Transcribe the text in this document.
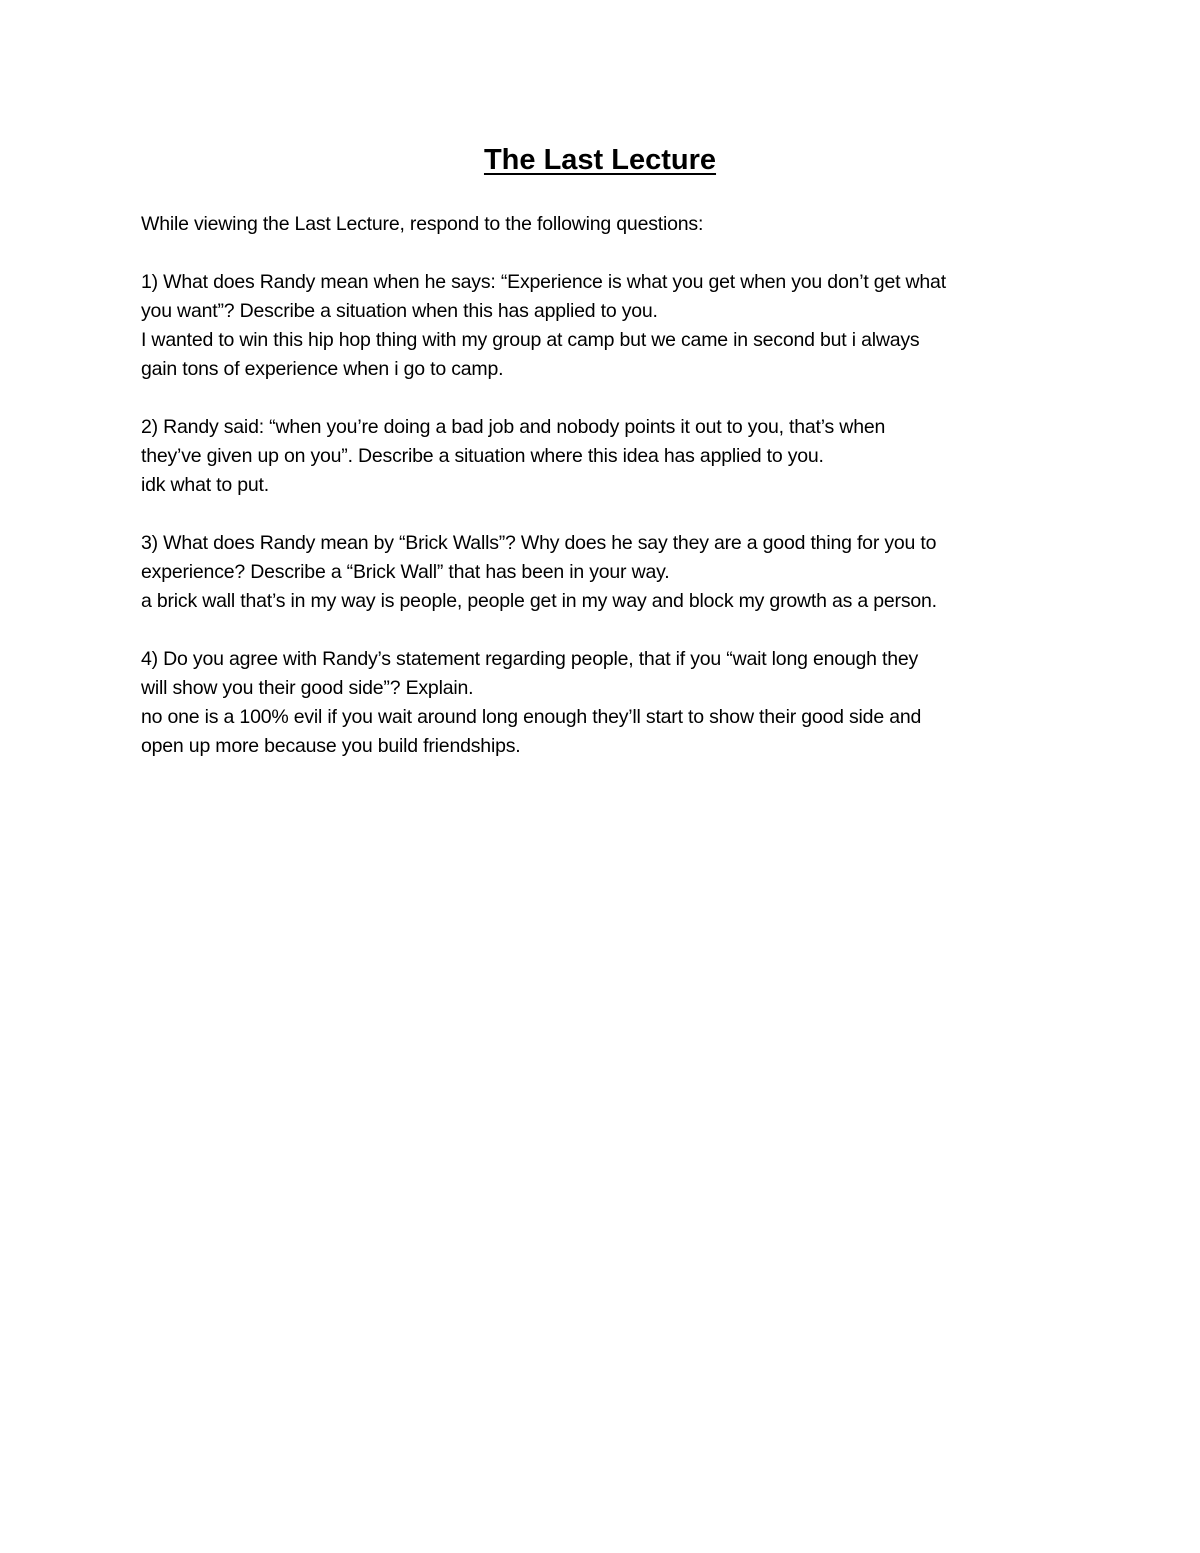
The Last Lecture

While viewing the Last Lecture, respond to the following questions:

1) What does Randy mean when he says: “Experience is what you get when you don’t get what

you want”? Describe a situation when this has applied to you.

I wanted to win this hip hop thing with my group at camp but we came in second but i always

gain tons of experience when i go to camp.

2) Randy said: “when you’re doing a bad job and nobody points it out to you, that’s when

they’ve given up on you”. Describe a situation where this idea has applied to you.

idk what to put.

3) What does Randy mean by “Brick Walls”? Why does he say they are a good thing for you to

experience? Describe a “Brick Wall” that has been in your way.

a brick wall that’s in my way is people, people get in my way and block my growth as a person.

4) Do you agree with Randy’s statement regarding people, that if you “wait long enough they

will show you their good side”? Explain.

no one is a 100% evil if you wait around long enough they’ll start to show their good side and

open up more because you build friendships.
